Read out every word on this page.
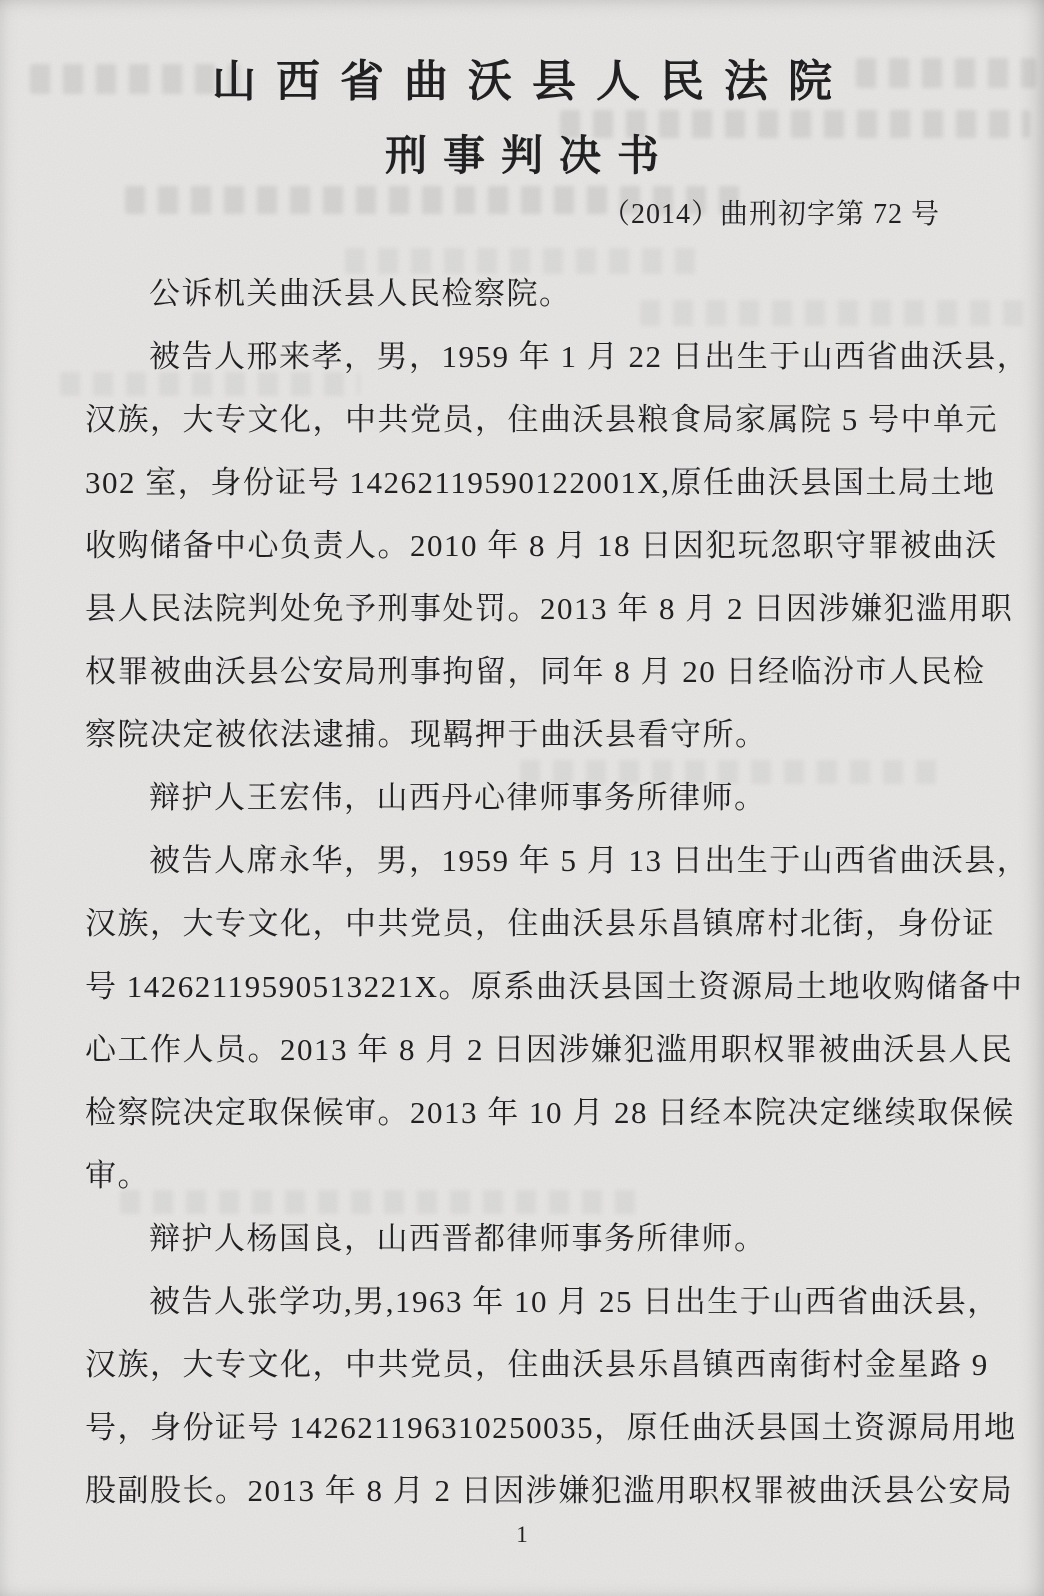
山西省曲沃县人民法院
刑事判决书
（2014）曲刑初字第 72 号
公诉机关曲沃县人民检察院。
被告人邢来孝，男，1959 年 1 月 22 日出生于山西省曲沃县，
汉族，大专文化，中共党员，住曲沃县粮食局家属院 5 号中单元
302 室，身份证号 14262119590122001X,原任曲沃县国土局土地
收购储备中心负责人。2010 年 8 月 18 日因犯玩忽职守罪被曲沃
县人民法院判处免予刑事处罚。2013 年 8 月 2 日因涉嫌犯滥用职
权罪被曲沃县公安局刑事拘留，同年 8 月 20 日经临汾市人民检
察院决定被依法逮捕。现羁押于曲沃县看守所。
辩护人王宏伟，山西丹心律师事务所律师。
被告人席永华，男，1959 年 5 月 13 日出生于山西省曲沃县，
汉族，大专文化，中共党员，住曲沃县乐昌镇席村北街，身份证
号 14262119590513221X。原系曲沃县国土资源局土地收购储备中
心工作人员。2013 年 8 月 2 日因涉嫌犯滥用职权罪被曲沃县人民
检察院决定取保候审。2013 年 10 月 28 日经本院决定继续取保候
审。
辩护人杨国良，山西晋都律师事务所律师。
被告人张学功,男,1963 年 10 月 25 日出生于山西省曲沃县，
汉族，大专文化，中共党员，住曲沃县乐昌镇西南街村金星路 9
号，身份证号 142621196310250035，原任曲沃县国土资源局用地
股副股长。2013 年 8 月 2 日因涉嫌犯滥用职权罪被曲沃县公安局
1
